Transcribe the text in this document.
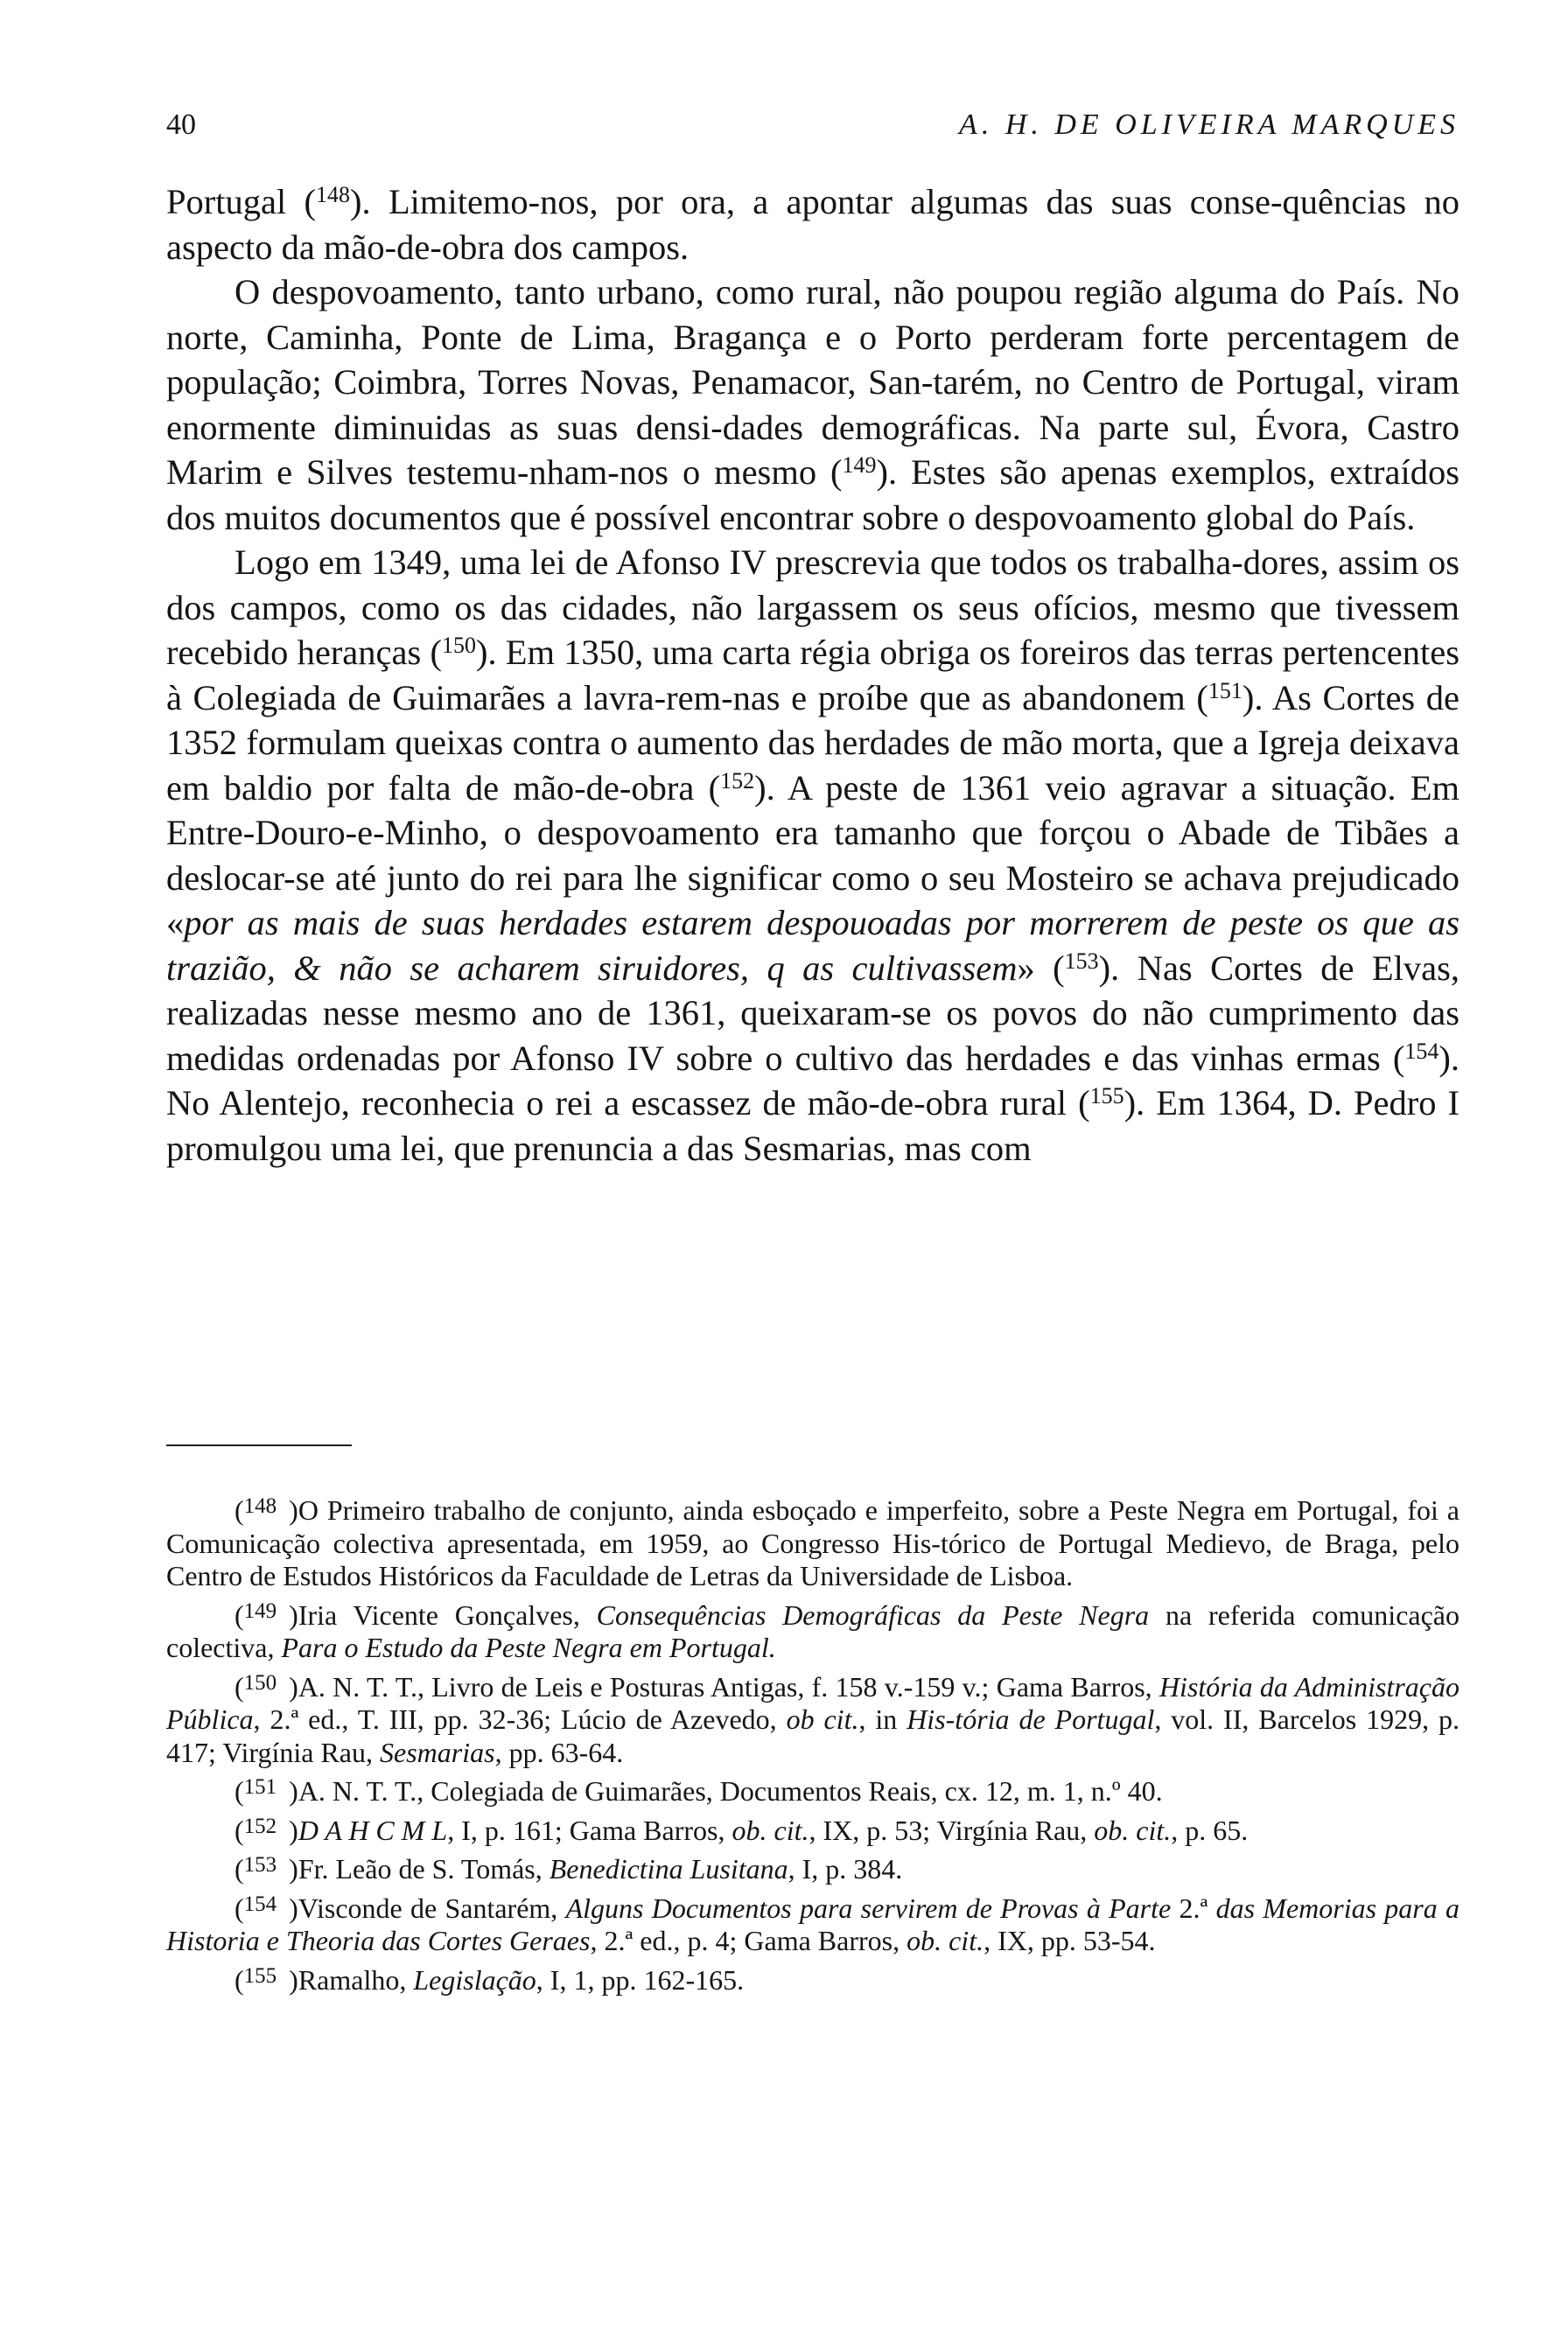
40	A. H. DE OLIVEIRA MARQUES

Portugal ($^{148}$). Limitemo-nos, por ora, a apontar algumas das suas conse-quências no aspecto da mão-de-obra dos campos.

O despovoamento, tanto urbano, como rural, não poupou região alguma do País. No norte, Caminha, Ponte de Lima, Bragança e o Porto perderam forte percentagem de população; Coimbra, Torres Novas, Penamacor, San-tarém, no Centro de Portugal, viram enormente diminuidas as suas densi-dades demográficas. Na parte sul, Évora, Castro Marim e Silves testemu-nham-nos o mesmo ($^{149}$). Estes são apenas exemplos, extraídos dos muitos documentos que é possível encontrar sobre o despovoamento global do País.

Logo em 1349, uma lei de Afonso IV prescrevia que todos os trabalha-dores, assim os dos campos, como os das cidades, não largassem os seus ofícios, mesmo que tivessem recebido heranças ($^{150}$). Em 1350, uma carta régia obriga os foreiros das terras pertencentes à Colegiada de Guimarães a lavra-rem-nas e proíbe que as abandonem ($^{151}$). As Cortes de 1352 formulam queixas contra o aumento das herdades de mão morta, que a Igreja deixava em baldio por falta de mão-de-obra ($^{152}$). A peste de 1361 veio agravar a situação. Em Entre-Douro-e-Minho, o despovoamento era tamanho que forçou o Abade de Tibães a deslocar-se até junto do rei para lhe significar como o seu Mosteiro se achava prejudicado «por as mais de suas herdades estarem despouoadas por morrerem de peste os que as trazião, & não se acharem siruidores, q as cultivassem» ($^{153}$). Nas Cortes de Elvas, realizadas nesse mesmo ano de 1361, queixaram-se os povos do não cumprimento das medidas ordenadas por Afonso IV sobre o cultivo das herdades e das vinhas ermas ($^{154}$). No Alentejo, reconhecia o rei a escassez de mão-de-obra rural ($^{155}$). Em 1364, D. Pedro I promulgou uma lei, que prenuncia a das Sesmarias, mas com

($^{148}$ )O Primeiro trabalho de conjunto, ainda esboçado e imperfeito, sobre a Peste Negra em Portugal, foi a Comunicação colectiva apresentada, em 1959, ao Congresso His-tórico de Portugal Medievo, de Braga, pelo Centro de Estudos Históricos da Faculdade de Letras da Universidade de Lisboa.

($^{149}$ )Iria Vicente Gonçalves, Consequências Demográficas da Peste Negra na referida comunicação colectiva, Para o Estudo da Peste Negra em Portugal.

($^{150}$ )A. N. T. T., Livro de Leis e Posturas Antigas, f. 158 v.-159 v.; Gama Barros, História da Administração Pública, 2.ª ed., T. III, pp. 32-36; Lúcio de Azevedo, ob cit., in His-tória de Portugal, vol. II, Barcelos 1929, p. 417; Virgínia Rau, Sesmarias, pp. 63-64.

($^{151}$ )A. N. T. T., Colegiada de Guimarães, Documentos Reais, cx. 12, m. 1, n.º 40.

($^{152}$ )D A H C M L, I, p. 161; Gama Barros, ob. cit., IX, p. 53; Virgínia Rau, ob. cit., p. 65.

($^{153}$ )Fr. Leão de S. Tomás, Benedictina Lusitana, I, p. 384.

($^{154}$ )Visconde de Santarém, Alguns Documentos para servirem de Provas à Parte 2.ª das Memorias para a Historia e Theoria das Cortes Geraes, 2.ª ed., p. 4; Gama Barros, ob. cit., IX, pp. 53-54.

($^{155}$ )Ramalho, Legislação, I, 1, pp. 162-165.
